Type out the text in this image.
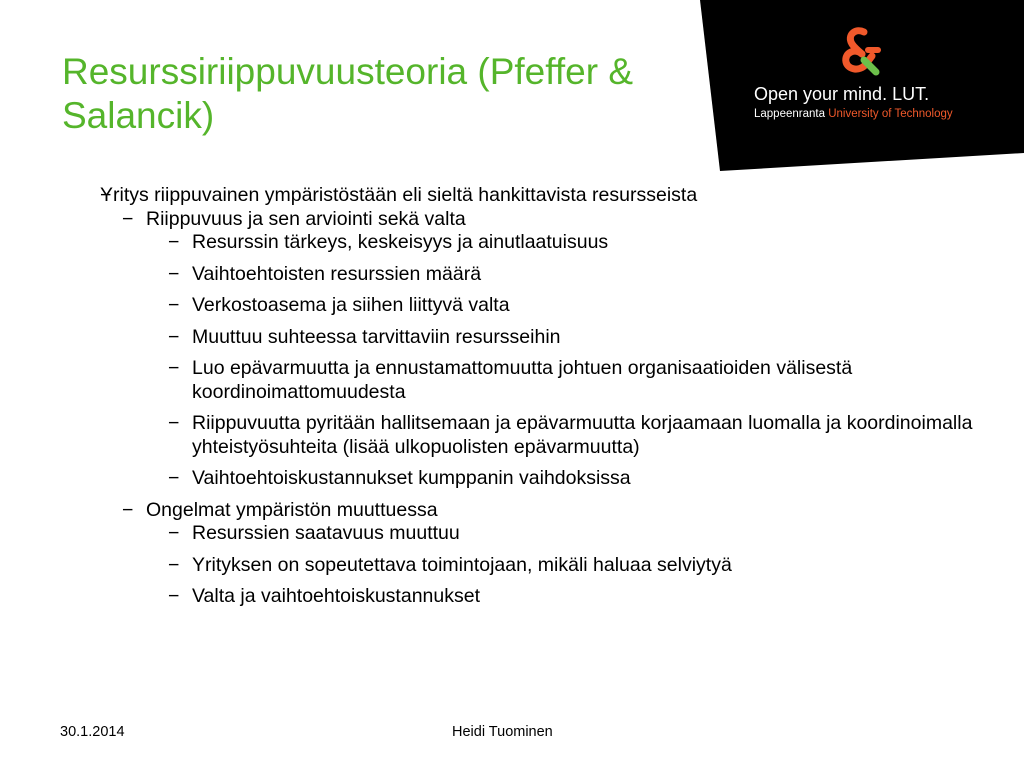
Resurssiriippuvuusteoria (Pfeffer &
Salancik)
Open your mind. LUT.
Lappeenranta University of Technology
− Yritys riippuvainen ympäristöstään eli sieltä hankittavista resursseista
− Riippuvuus ja sen arviointi sekä valta
− Resurssin tärkeys, keskeisyys ja ainutlaatuisuus
− Vaihtoehtoisten resurssien määrä
− Verkostoasema ja siihen liittyvä valta
− Muuttuu suhteessa tarvittaviin resursseihin
− Luo epävarmuutta ja ennustamattomuutta johtuen organisaatioiden välisestä koordinoimattomuudesta
− Riippuvuutta pyritään hallitsemaan ja epävarmuutta korjaamaan luomalla ja koordinoimalla yhteistyösuhteita (lisää ulkopuolisten epävarmuutta)
− Vaihtoehtoiskustannukset kumppanin vaihdoksissa
− Ongelmat ympäristön muuttuessa
− Resurssien saatavuus muuttuu
− Yrityksen on sopeutettava toimintojaan, mikäli haluaa selviytyä
− Valta ja vaihtoehtoiskustannukset
30.1.2014	Heidi Tuominen
